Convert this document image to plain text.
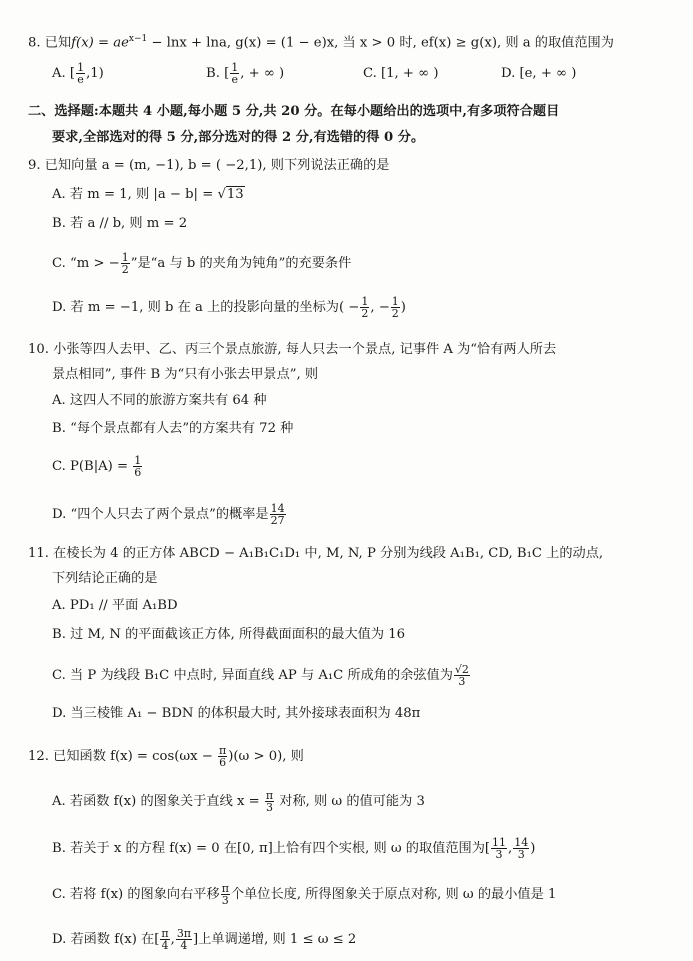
8. 已知$f(x) = ae^{x-1} - \ln x + \ln a$, g(x) = (1 − e)x, 当 x > 0 时, ef(x) ≥ g(x), 则 a 的取值范围为
A. [ $\frac{1}{e} ,1$)	B. [ $\frac{1}{e}$ , + ∞ )	C. [1, + ∞ )	D. [e, + ∞ )
二、选择题:本题共 4 小题,每小题 5 分,共 20 分。在每小题给出的选项中,有多项符合题目
要求,全部选对的得 5 分,部分选对的得 2 分,有选错的得 0 分。
9. 已知向量 a = (m, −1), b = ( −2,1), 则下列说法正确的是
A. 若 m = 1, 则 |a − b| = √13
B. 若 a // b, 则 m = 2
C. “m > − $\frac{1}{2}$ ”是“a 与 b 的夹角为钝角”的充要条件
D. 若 m = −1, 则 b 在 a 上的投影向量的坐标为( − $\frac{1}{2}$ , − $\frac{1}{2}$ )
10. 小张等四人去甲、乙、丙三个景点旅游, 每人只去一个景点, 记事件 A 为“恰有两人所去
景点相同”, 事件 B 为“只有小张去甲景点”, 则
A. 这四人不同的旅游方案共有 64 种
B. “每个景点都有人去”的方案共有 72 种
C. $P(B|A) = \frac{1}{6}$
D. “四个人只去了两个景点”的概率是 $\frac{14}{27}$
11. 在棱长为 4 的正方体 ABCD − A₁B₁C₁D₁ 中, M, N, P 分别为线段 A₁B₁, CD, B₁C 上的动点,
下列结论正确的是
A. PD₁ // 平面 A₁BD
B. 过 M, N 的平面截该正方体, 所得截面面积的最大值为 16
C. 当 P 为线段 B₁C 中点时, 异面直线 AP 与 A₁C 所成角的余弦值为 $\frac{√2}{3}$
D. 当三棱锥 A₁ − BDN 的体积最大时, 其外接球表面积为 48π
12. 已知函数 $f(x) = \cos(\omega x - \frac{\pi}{6} )(\omega > 0)$, 则
A. 若函数 f(x) 的图象关于直线 $x = \frac{\pi}{3}$ 对称, 则 ω 的值可能为 3
B. 若关于 x 的方程 f(x) = 0 在[0, π]上恰有四个实根, 则 ω 的取值范围为[ $\frac{11}{3}$ , $\frac{14}{3}$ )
C. 若将 f(x) 的图象向右平移 $\frac{\pi}{3}$ 个单位长度, 所得图象关于原点对称, 则 ω 的最小值是 1
D. 若函数 f(x) 在[ $\frac{\pi}{4}$ , $\frac{3\pi}{4}$ ]上单调递增, 则 1 ≤ ω ≤ 2
